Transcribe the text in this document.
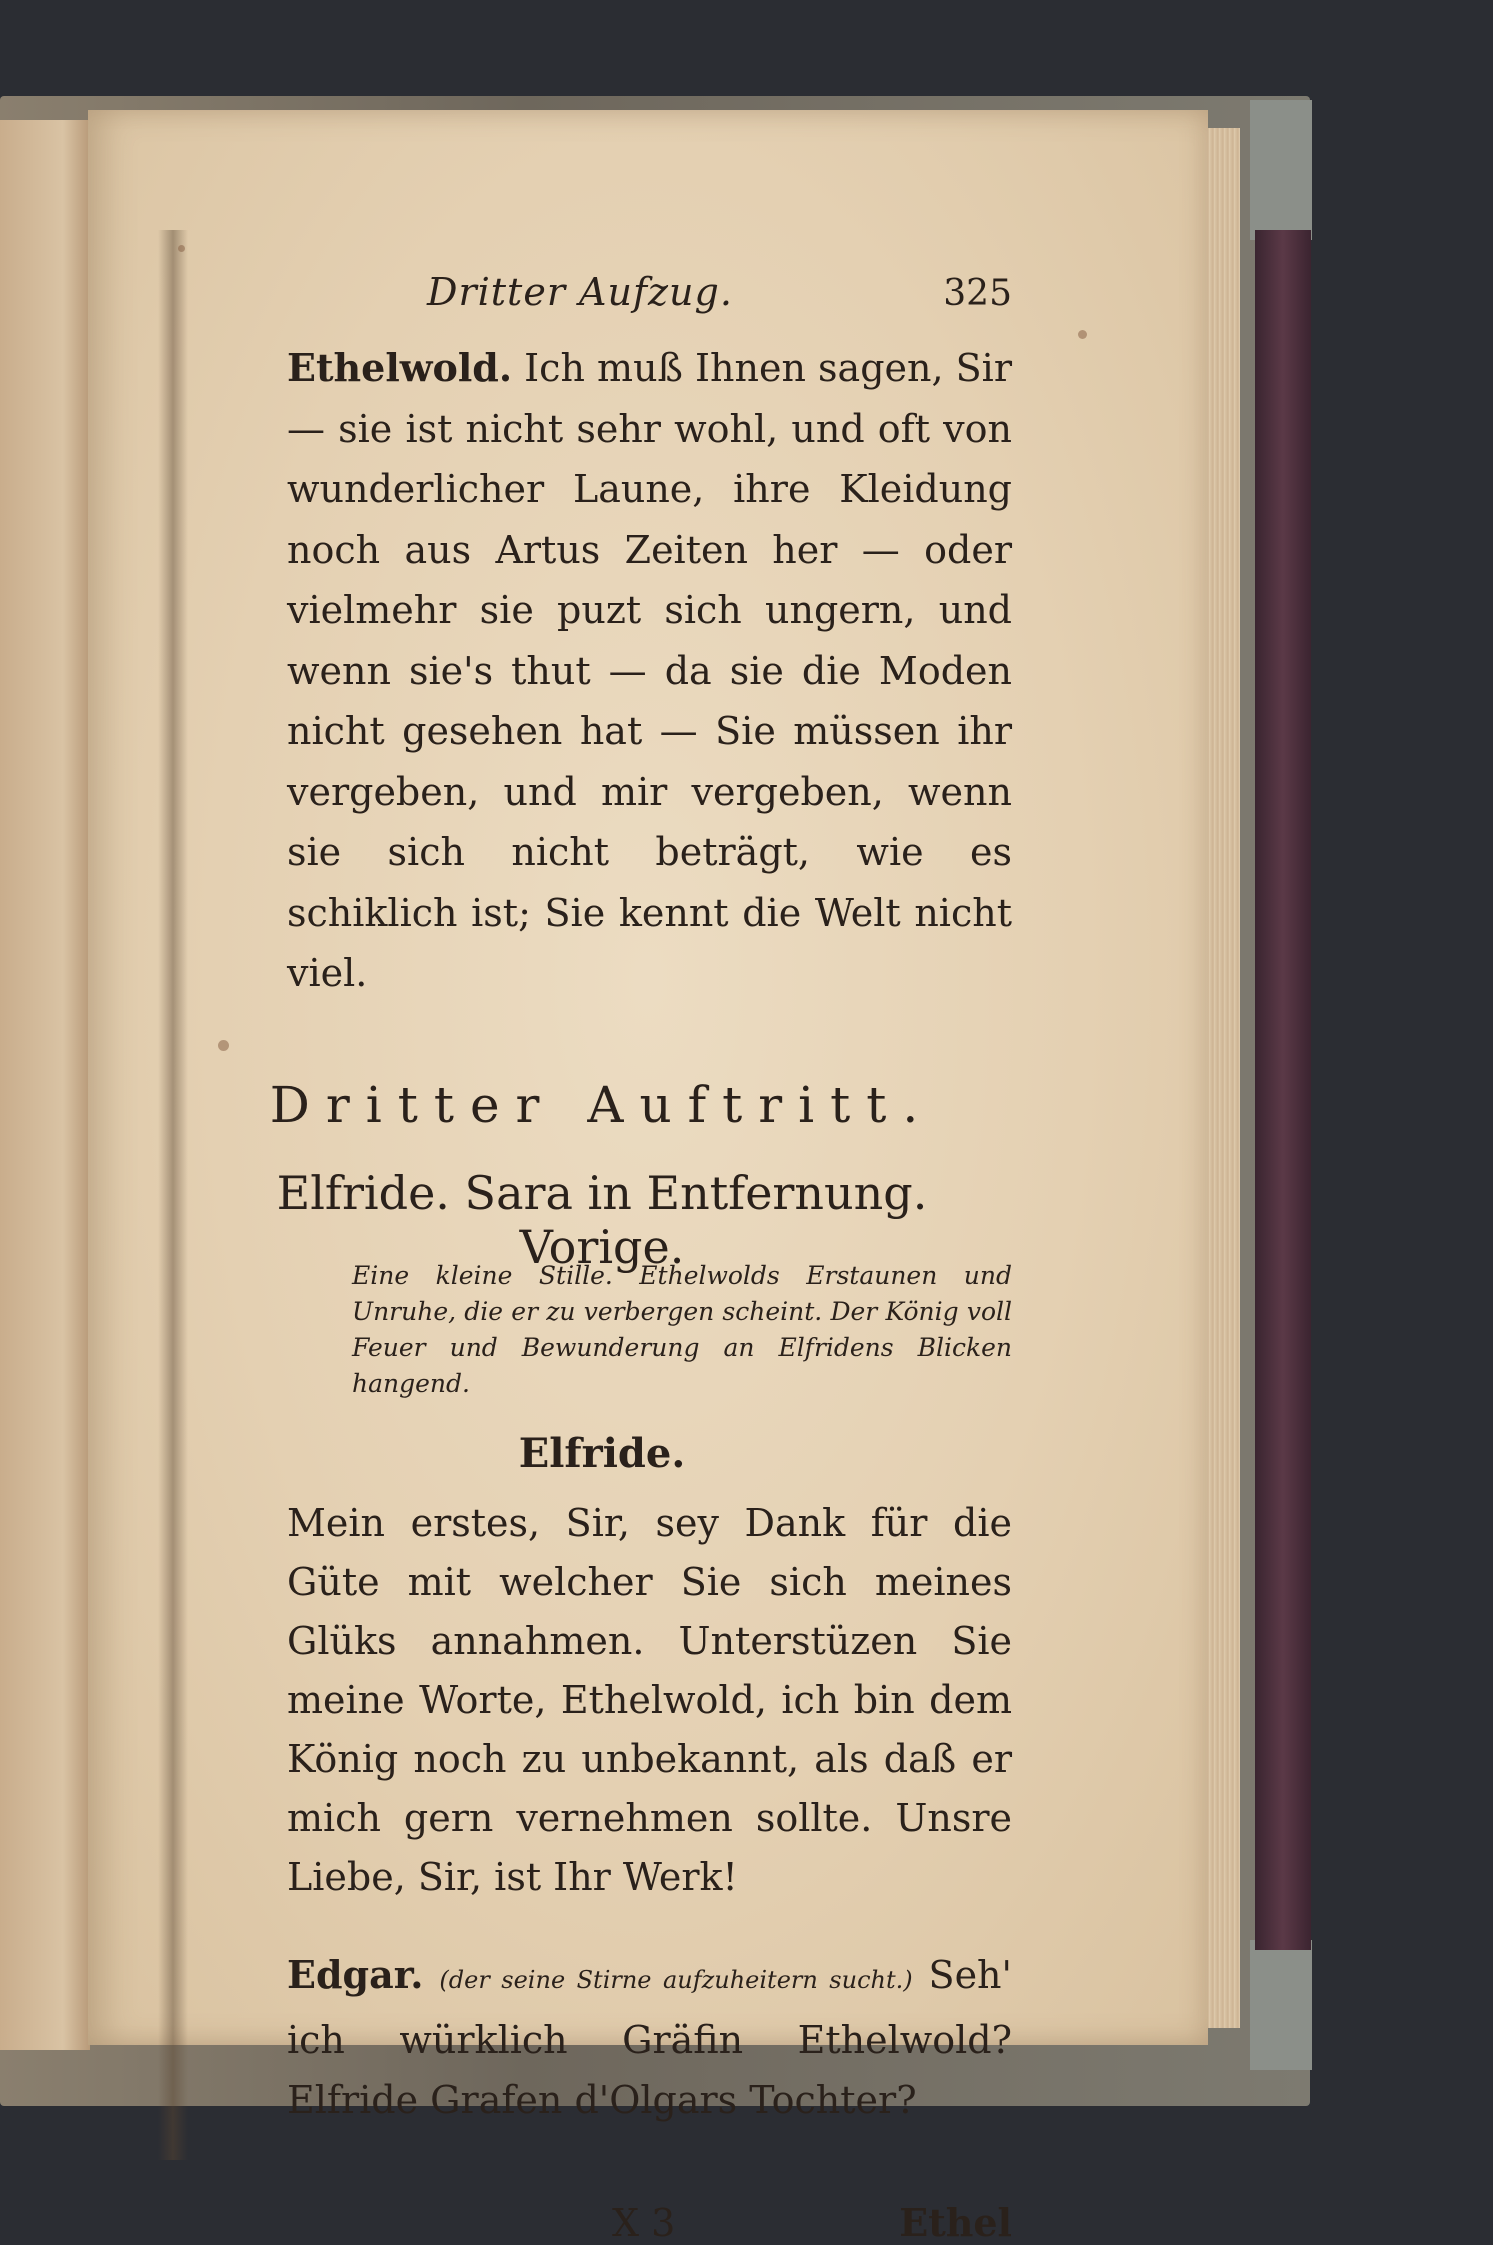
Dritter Aufzug.	325

Ethelwold. Ich muß Ihnen sagen, Sir — sie ist nicht sehr wohl, und oft von wunderlicher Laune, ihre Kleidung noch aus Artus Zeiten her — oder vielmehr sie puzt sich ungern, und wenn sie's thut — da sie die Moden nicht gesehen hat — Sie müssen ihr vergeben, und mir vergeben, wenn sie sich nicht beträgt, wie es schiklich ist; Sie kennt die Welt nicht viel.

Dritter Auftritt.
Elfride. Sara in Entfernung. Vorige.
Eine kleine Stille. Ethelwolds Erstaunen und Unruhe, die er zu verbergen scheint. Der König voll Feuer und Bewunderung an Elfridens Blicken hangend.
Elfride.

Mein erstes, Sir, sey Dank für die Güte mit welcher Sie sich meines Glüks annahmen. Unterstüzen Sie meine Worte, Ethelwold, ich bin dem König noch zu unbekannt, als daß er mich gern vernehmen sollte. Unsre Liebe, Sir, ist Ihr Werk!

Edgar. (der seine Stirne aufzuheitern sucht.) Seh' ich würklich Gräfin Ethelwold? Elfride Grafen d'Olgars Tochter?

X 3	Ethel
